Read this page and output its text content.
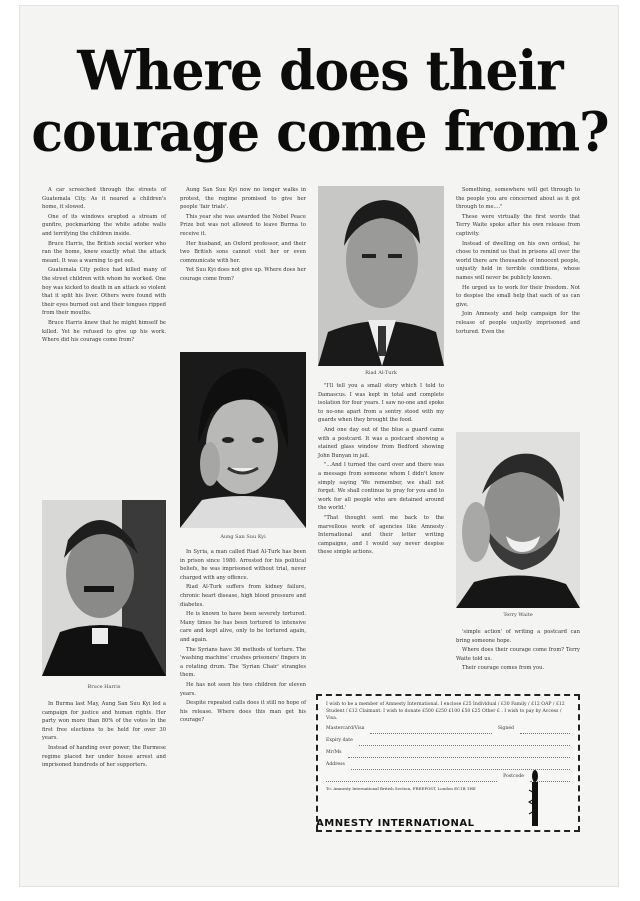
Where does their courage come from?

A car screeched through the streets of Guatemala City. As it neared a children's home, it slowed.

One of its windows erupted a stream of gunfire, pockmarking the white adobe walls and terrifying the children inside.

Bruce Harris, the British social worker who ran the home, knew exactly what the attack meant. It was a warning to get out.

Guatemala City police had killed many of the street children with whom he worked. One boy was kicked to death in an attack so violent that it split his liver. Others were found with their eyes burned out and their tongues ripped from their mouths.

Bruce Harris knew that he might himself be killed. Yet he refused to give up his work. Where did his courage come from?

Bruce Harris

In Burma last May, Aung San Suu Kyi led a campaign for justice and human rights. Her party won more than 80% of the votes in the first free elections to be held for over 30 years.

Instead of handing over power, the Burmese regime placed her under house arrest and imprisoned hundreds of her supporters.

Aung San Suu Kyi now no longer walks in protest, the regime promised to give her people 'fair trials'.

This year she was awarded the Nobel Peace Prize but was not allowed to leave Burma to receive it.

Her husband, an Oxford professor, and their two British sons cannot visit her or even communicate with her.

Yet Suu Kyi does not give up. Where does her courage come from?

Aung San Suu Kyi

In Syria, a man called Riad Al-Turk has been in prison since 1980. Arrested for his political beliefs, he was imprisoned without trial, never charged with any offence.

Riad Al-Turk suffers from kidney failure, chronic heart disease, high blood pressure and diabetes.

He is known to have been severely tortured. Many times he has been tortured to intensive care and kept alive, only to be tortured again, and again.

The Syrians have 36 methods of torture. The 'washing machine' crushes prisoners' fingers in a rotating drum. The 'Syrian Chair' strangles them.

He has not seen his two children for eleven years.

Despite repeated calls does it still no hope of his release. Where does this man get his courage?

Riad Al-Turk

"I'll tell you a small story which I told to Damascus. I was kept in total and complete isolation for four years. I saw no-one and spoke to no-one apart from a sentry stood with my guards when they brought the food.

And one day out of the blue a guard came with a postcard. It was a postcard showing a stained glass window from Bedford showing John Bunyan in jail.

"...And I turned the card over and there was a message from someone whom I didn't know simply saying 'We remember, we shall not forget. We shall continue to pray for you and to work for all people who are detained around the world.'

"That thought sent me back to the marvellous work of agencies like Amnesty International and their letter writing campaigns, and I would say never despise these simple actions.

Something, somewhere will get through to the people you are concerned about as it got through to me...."

These were virtually the first words that Terry Waite spoke after his own release from captivity.

Instead of dwelling on his own ordeal, he chose to remind us that in prisons all over the world there are thousands of innocent people, unjustly held in terrible conditions, whose names will never be publicly known.

He urged us to work for their freedom. Not to despise the small help that each of us can give.

Join Amnesty and help campaign for the release of people unjustly imprisoned and tortured. Even the

Terry Waite

'simple action' of writing a postcard can bring someone hope.

Where does their courage come from? Terry Waite told us.

Their courage comes from you.

I wish to be a member of Amnesty International. I enclose £25 Individual / £30 Family / £12 OAP / £12 Student / £12 Claimant. I wish to donate £500 £250 £100 £50 £25 Other £ . I wish to pay by Access / Visa.
Mastercard/Visa	Signed
Expiry date
Mr/Ms
Address
Postcode
To: Amnesty International British Section, FREEPOST, London EC1B 1HE
AMNESTY INTERNATIONAL
